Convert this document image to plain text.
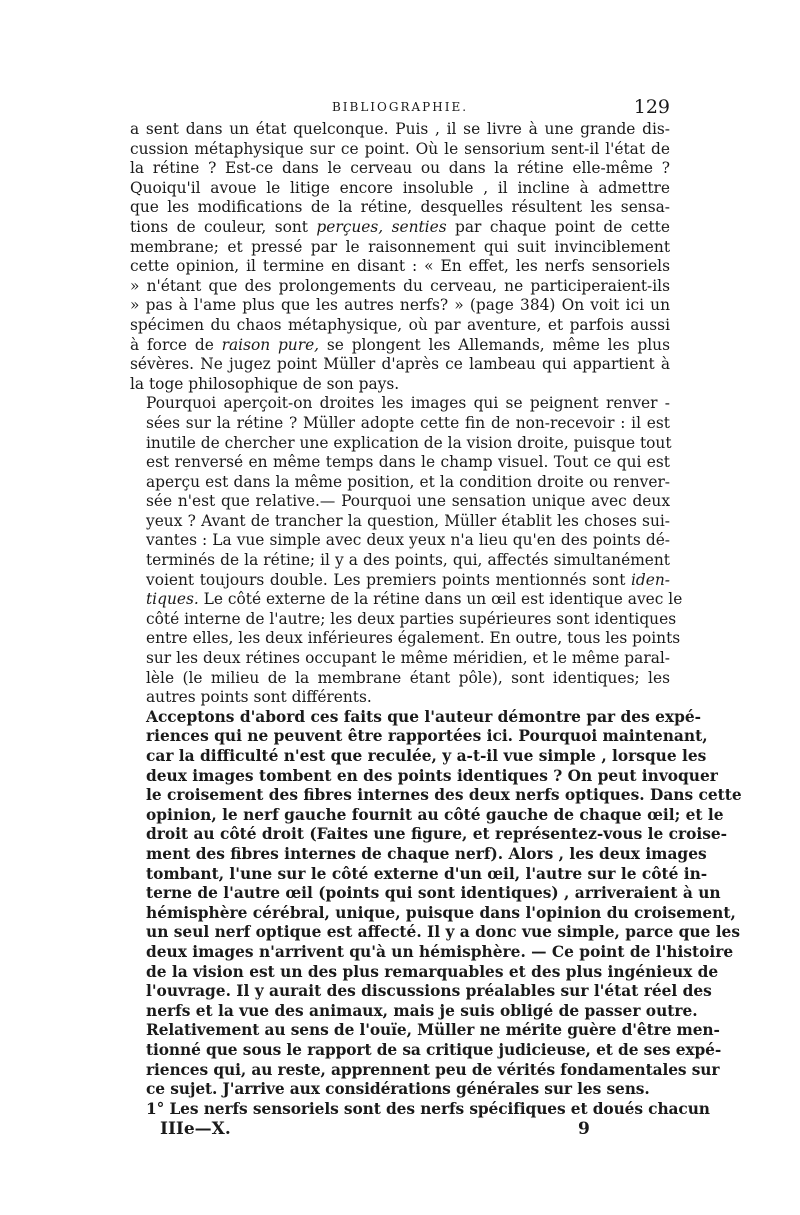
BIBLIOGRAPHIE.	129

a sent dans un état quelconque. Puis , il se livre à une grande dis-
cussion métaphysique sur ce point. Où le sensorium sent-il l'état de
la rétine ? Est-ce dans le cerveau ou dans la rétine elle-même ?
Quoiqu'il avoue le litige encore insoluble , il incline à admettre
que les modifications de la rétine, desquelles résultent les sensa-
tions de couleur, sont perçues, senties par chaque point de cette
membrane; et pressé par le raisonnement qui suit invinciblement
cette opinion, il termine en disant : « En effet, les nerfs sensoriels
» n'étant que des prolongements du cerveau, ne participeraient-ils
» pas à l'ame plus que les autres nerfs? » (page 384) On voit ici un
spécimen du chaos métaphysique, où par aventure, et parfois aussi
à force de raison pure, se plongent les Allemands, même les plus
sévères. Ne jugez point Müller d'après ce lambeau qui appartient à
la toge philosophique de son pays.

Pourquoi aperçoit-on droites les images qui se peignent renver -
sées sur la rétine ? Müller adopte cette fin de non-recevoir : il est
inutile de chercher une explication de la vision droite, puisque tout
est renversé en même temps dans le champ visuel. Tout ce qui est
aperçu est dans la même position, et la condition droite ou renver-
sée n'est que relative.— Pourquoi une sensation unique avec deux
yeux ? Avant de trancher la question, Müller établit les choses sui-
vantes : La vue simple avec deux yeux n'a lieu qu'en des points dé-
terminés de la rétine; il y a des points, qui, affectés simultanément
voient toujours double. Les premiers points mentionnés sont iden-
tiques. Le côté externe de la rétine dans un œil est identique avec le
côté interne de l'autre; les deux parties supérieures sont identiques
entre elles, les deux inférieures également. En outre, tous les points
sur les deux rétines occupant le même méridien, et le même paral-
lèle (le milieu de la membrane étant pôle), sont identiques; les
autres points sont différents.

Acceptons d'abord ces faits que l'auteur démontre par des expé-
riences qui ne peuvent être rapportées ici. Pourquoi maintenant,
car la difficulté n'est que reculée, y a-t-il vue simple , lorsque les
deux images tombent en des points identiques ? On peut invoquer
le croisement des fibres internes des deux nerfs optiques. Dans cette
opinion, le nerf gauche fournit au côté gauche de chaque œil; et le
droit au côté droit (Faites une figure, et représentez-vous le croise-
ment des fibres internes de chaque nerf). Alors , les deux images
tombant, l'une sur le côté externe d'un œil, l'autre sur le côté in-
terne de l'autre œil (points qui sont identiques) , arriveraient à un
hémisphère cérébral, unique, puisque dans l'opinion du croisement,
un seul nerf optique est affecté. Il y a donc vue simple, parce que les
deux images n'arrivent qu'à un hémisphère. — Ce point de l'histoire
de la vision est un des plus remarquables et des plus ingénieux de
l'ouvrage. Il y aurait des discussions préalables sur l'état réel des
nerfs et la vue des animaux, mais je suis obligé de passer outre.

Relativement au sens de l'ouïe, Müller ne mérite guère d'être men-
tionné que sous le rapport de sa critique judicieuse, et de ses expé-
riences qui, au reste, apprennent peu de vérités fondamentales sur
ce sujet. J'arrive aux considérations générales sur les sens.

1° Les nerfs sensoriels sont des nerfs spécifiques et doués chacun

IIIe—X.	9
